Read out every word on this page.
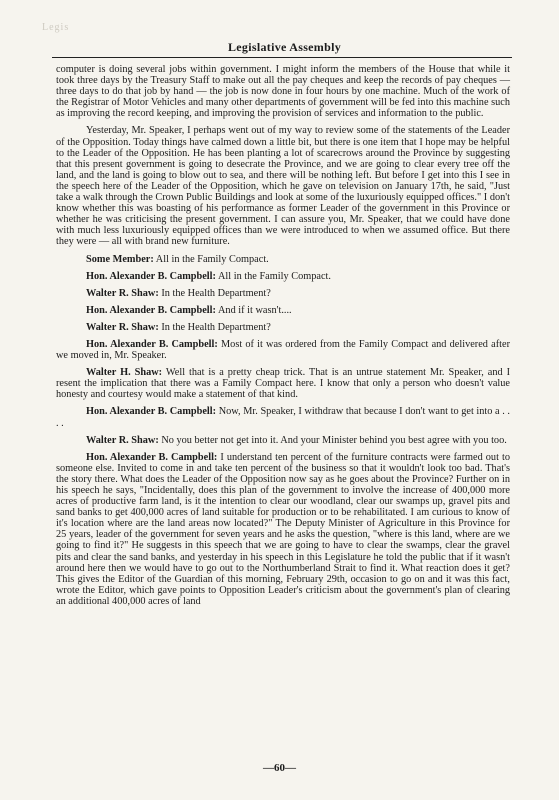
Legis
Legislative Assembly

computer is doing several jobs within government. I might inform the members of the House that while it took three days by the Treasury Staff to make out all the pay cheques and keep the records of pay cheques — three days to do that job by hand — the job is now done in four hours by one machine. Much of the work of the Registrar of Motor Vehicles and many other departments of government will be fed into this machine such as improving the record keeping, and improving the provision of services and information to the public.

Yesterday, Mr. Speaker, I perhaps went out of my way to review some of the statements of the Leader of the Opposition. Today things have calmed down a little bit, but there is one item that I hope may be helpful to the Leader of the Opposition. He has been planting a lot of scarecrows around the Province by suggesting that this present government is going to desecrate the Province, and we are going to clear every tree off the land, and the land is going to blow out to sea, and there will be nothing left. But before I get into this I see in the speech here of the Leader of the Opposition, which he gave on television on January 17th, he said, "Just take a walk through the Crown Public Buildings and look at some of the luxuriously equipped offices." I don't know whether this was boasting of his performance as former Leader of the government in this Province or whether he was criticising the present government. I can assure you, Mr. Speaker, that we could have done with much less luxuriously equipped offices than we were introduced to when we assumed office. But there they were — all with brand new furniture.

Some Member: All in the Family Compact.

Hon. Alexander B. Campbell: All in the Family Compact.

Walter R. Shaw: In the Health Department?

Hon. Alexander B. Campbell: And if it wasn't....

Walter R. Shaw: In the Health Department?

Hon. Alexander B. Campbell: Most of it was ordered from the Family Compact and delivered after we moved in, Mr. Speaker.

Walter H. Shaw: Well that is a pretty cheap trick. That is an untrue statement Mr. Speaker, and I resent the implication that there was a Family Compact here. I know that only a person who doesn't value honesty and courtesy would make a statement of that kind.

Hon. Alexander B. Campbell: Now, Mr. Speaker, I withdraw that because I don't want to get into a . . . .

Walter R. Shaw: No you better not get into it. And your Minister behind you best agree with you too.

Hon. Alexander B. Campbell: I understand ten percent of the furniture contracts were farmed out to someone else. Invited to come in and take ten percent of the business so that it wouldn't look too bad. That's the story there. What does the Leader of the Opposition now say as he goes about the Province? Further on in his speech he says, "Incidentally, does this plan of the government to involve the increase of 400,000 more acres of productive farm land, is it the intention to clear our woodland, clear our swamps up, gravel pits and sand banks to get 400,000 acres of land suitable for production or to be rehabilitated. I am curious to know of it's location where are the land areas now located?" The Deputy Minister of Agriculture in this Province for 25 years, leader of the government for seven years and he asks the question, "where is this land, where are we going to find it?" He suggests in this speech that we are going to have to clear the swamps, clear the gravel pits and clear the sand banks, and yesterday in his speech in this Legislature he told the public that if it wasn't around here then we would have to go out to the Northumberland Strait to find it. What reaction does it get? This gives the Editor of the Guardian of this morning, February 29th, occasion to go on and it was this fact, wrote the Editor, which gave points to Opposition Leader's criticism about the government's plan of clearing an additional 400,000 acres of land

—60—
